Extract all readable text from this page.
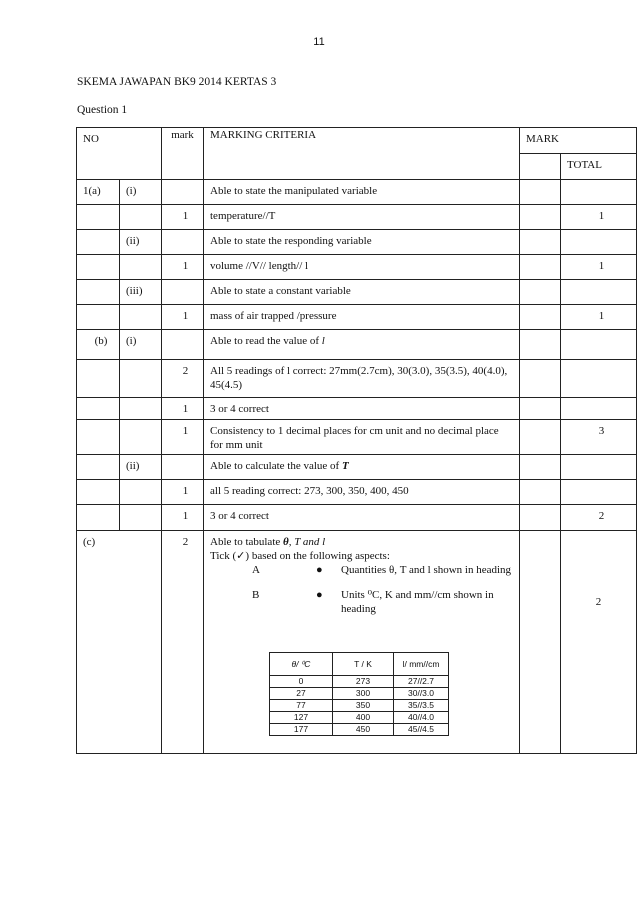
11
SKEMA JAWAPAN BK9 2014 KERTAS 3
Question 1
NO	mark	MARKING CRITERIA	MARK
	TOTAL
1(a)	(i)		Able to state the manipulated variable		
		1	temperature//T		1
	(ii)		Able to state the responding variable		
		1	volume //V// length// l		1
	(iii)		Able to state a constant variable		
		1	mass of air trapped /pressure		1
(b)	(i)		Able to read the value of l		
		2	All 5 readings of l correct: 27mm(2.7cm), 30(3.0), 35(3.5), 40(4.0), 45(4.5)		
		1	3 or 4 correct		
		1	Consistency to 1 decimal places for cm unit and no decimal place for mm unit		3
	(ii)		Able to calculate the value of T		
		1	all 5 reading correct: 273, 300, 350, 400, 450		
		1	3 or 4 correct		2
(c)	2	Able to tabulate θ, T and l
Tick (✓) based on the following aspects:
A	● Quantities θ, T and l shown in heading
B	● Units ⁰C, K and mm//cm shown in heading
θ/ ⁰C	T / K	l/ mm//cm
0	273	27//2.7
27	300	30//3.0
77	350	35//3.5
127	400	40//4.0
177	450	45//4.5
		2
